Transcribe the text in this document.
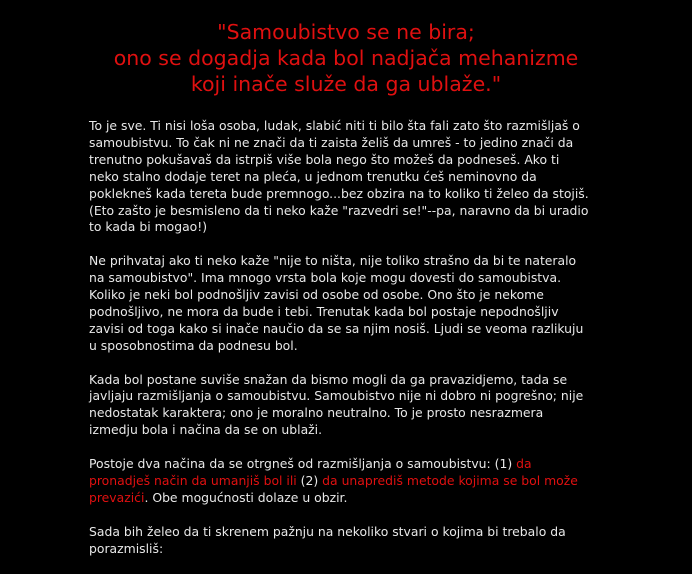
"Samoubistvo se ne bira;
ono se dogadja kada bol nadjača mehanizme
koji inače služe da ga ublaže."

To je sve. Ti nisi loša osoba, ludak, slabić niti ti bilo šta fali zato što razmišljaš o
samoubistvu. To čak ni ne znači da ti zaista želiš da umreš - to jedino znači da
trenutno pokušavaš da istrpiš više bola nego što možeš da podneseš. Ako ti
neko stalno dodaje teret na pleća, u jednom trenutku ćeš neminovno da
pokleknеš kada tereta bude premnogo...bez obzira na to koliko ti želeo da stojiš.
(Eto zašto je besmisleno da ti neko kaže "razvedri se!"--pa, naravno da bi uradio
to kada bi mogao!)

Ne prihvataj ako ti neko kaže "nije to ništa, nije toliko strašno da bi te nateralo
na samoubistvo". Ima mnogo vrsta bola koje mogu dovesti do samoubistva.
Koliko je neki bol podnošljiv zavisi od osobe od osobe. Ono što je nekome
podnošljivo, ne mora da bude i tebi. Trenutak kada bol postaje nepodnošljiv
zavisi od toga kako si inače naučio da se sa njim nosiš. Ljudi se veoma razlikuju
u sposobnostima da podnesu bol.

Kada bol postane suviše snažan da bismo mogli da ga pravazidjemo, tada se
javljaju razmišljanja o samoubistvu. Samoubistvo nije ni dobro ni pogrešno; nije
nedostatak karaktera; ono je moralno neutralno. To je prosto nesrazmera
izmedju bola i načina da se on ublaži.

Postoje dva načina da se otrgneš od razmišljanja o samoubistvu: (1) da
pronadješ način da umanjiš bol ili (2) da unaprediš metode kojima se bol može
prevazići. Obe mogućnosti dolaze u obzir.

Sada bih želeo da ti skrenem pažnju na nekoliko stvari o kojima bi trebalo da
porazmisliš:
